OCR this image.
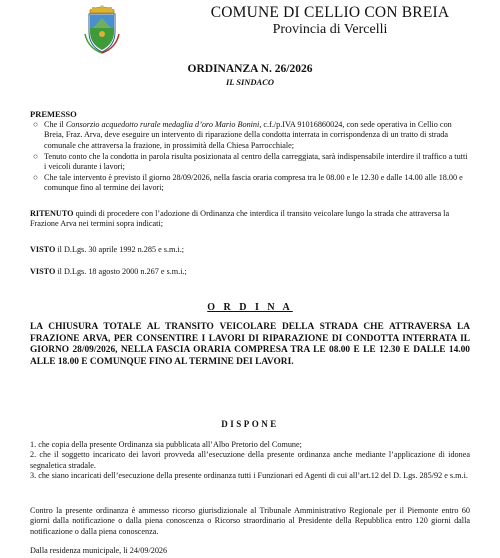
COMUNE DI CELLIO CON BREIA
Provincia di Vercelli
ORDINANZA N. 26/2026
IL SINDACO
PREMESSO
○ Che il Consorzio acquedotto rurale medaglia d’oro Mario Bonini, c.f./p.IVA 91016860024, con sede operativa in Cellio con Breia, Fraz. Arva, deve eseguire un intervento di riparazione della condotta interrata in corrispondenza di un tratto di strada comunale che attraversa la frazione, in prossimità della Chiesa Parrocchiale;
○ Tenuto conto che la condotta in parola risulta posizionata al centro della carreggiata, sarà indispensabile interdire il traffico a tutti i veicoli durante i lavori;
○ Che tale intervento è previsto il giorno 28/09/2026, nella fascia oraria compresa tra le 08.00 e le 12.30 e dalle 14.00 alle 18.00 e comunque fino al termine dei lavori;
RITENUTO quindi di procedere con l’adozione di Ordinanza che interdica il transito veicolare lungo la strada che attraversa la Frazione Arva nei termini sopra indicati;
VISTO il D.Lgs. 30 aprile 1992 n.285 e s.m.i.;
VISTO il D.Lgs. 18 agosto 2000 n.267 e s.m.i.;
O R D I N A
LA CHIUSURA TOTALE AL TRANSITO VEICOLARE DELLA STRADA CHE ATTRAVERSA LA FRAZIONE ARVA, PER CONSENTIRE I LAVORI DI RIPARAZIONE DI CONDOTTA INTERRATA IL GIORNO 28/09/2026, NELLA FASCIA ORARIA COMPRESA TRA LE 08.00 E LE 12.30 E DALLE 14.00 ALLE 18.00 E COMUNQUE FINO AL TERMINE DEI LAVORI.
DISPONE

1. che copia della presente Ordinanza sia pubblicata all’Albo Pretorio del Comune;

2. che il soggetto incaricato dei lavori provveda all’esecuzione della presente ordinanza anche mediante l’applicazione di idonea segnaletica stradale.

3. che siano incaricati dell’esecuzione della presente ordinanza tutti i Funzionari ed Agenti di cui all’art.12 del D. Lgs. 285/92 e s.m.i.

Contro la presente ordinanza è ammesso ricorso giurisdizionale al Tribunale Amministrativo Regionale per il Piemonte entro 60 giorni dalla notificazione o dalla piena conoscenza o Ricorso straordinario al Presidente della Repubblica entro 120 giorni dalla notificazione o dalla piena conoscenza.
Dalla residenza municipale, li 24/09/2026
